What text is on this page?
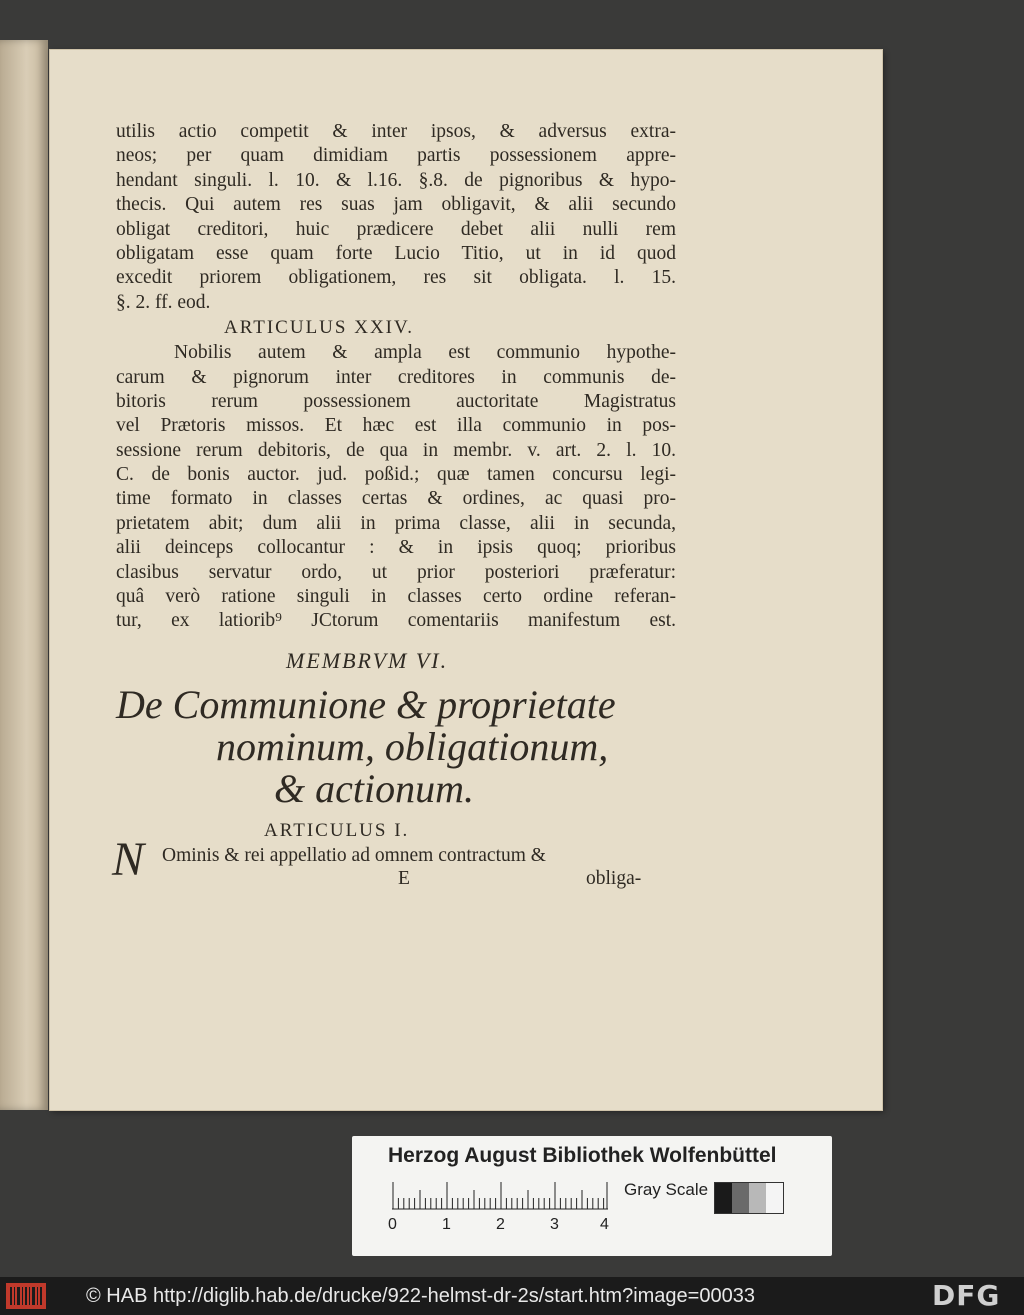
utilis actio competit & inter ipsos, & adversus extra-
neos; per quam dimidiam partis possessionem appre-
hendant singuli. l. 10. & l.16. §.8. de pignoribus & hypo-
thecis. Qui autem res suas jam obligavit, & alii secundo
obligat creditori, huic prædicere debet alii nulli rem
obligatam esse quam forte Lucio Titio, ut in id quod
excedit priorem obligationem, res sit obligata. l. 15.
§. 2. ff. eod.
ARTICULUS XXIV.
Nobilis autem & ampla est communio hypothe-
carum & pignorum inter creditores in communis de-
bitoris rerum possessionem auctoritate Magistratus
vel Prætoris missos. Et hæc est illa communio in pos-
sessione rerum debitoris, de qua in membr. v. art. 2. l. 10.
C. de bonis auctor. jud. poßid.; quæ tamen concursu legi-
time formato in classes certas & ordines, ac quasi pro-
prietatem abit; dum alii in prima classe, alii in secunda,
alii deinceps collocantur : & in ipsis quoq; prioribus
clasibus servatur ordo, ut prior posteriori præferatur:
quâ verò ratione singuli in classes certo ordine referan-
tur, ex latiorib⁹ JCtorum comentariis manifestum est.
MEMBRVM VI.
De Communione & proprietate
nominum, obligationum,
& actionum.
ARTICULUS I.
N Ominis & rei appellatio ad omnem contractum &
E	obliga-
Herzog August Bibliothek Wolfenbüttel
0	1	2	3	4
Gray Scale
© HAB http://diglib.hab.de/drucke/922-helmst-dr-2s/start.htm?image=00033	DFG
